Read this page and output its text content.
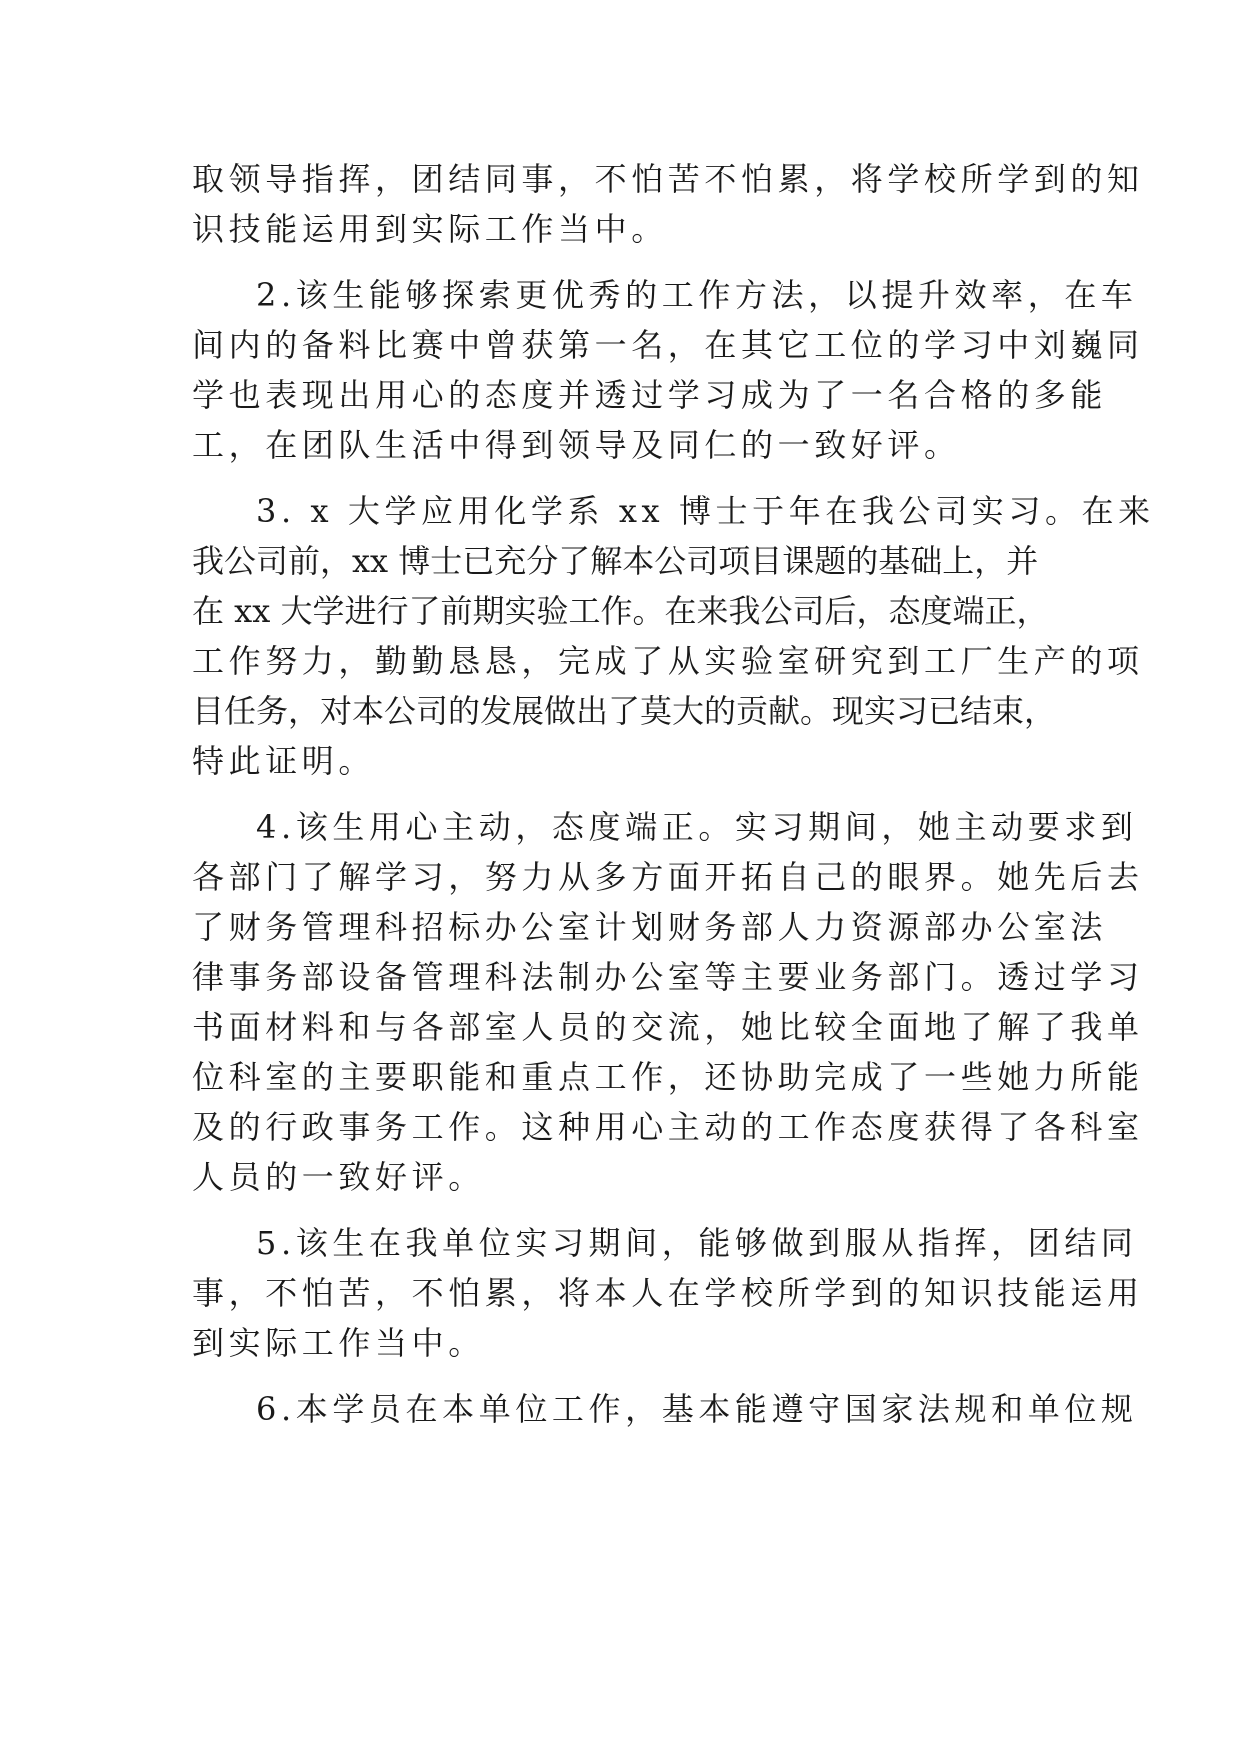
取领导指挥，团结同事，不怕苦不怕累，将学校所学到的知
识技能运用到实际工作当中。
2.该生能够探索更优秀的工作方法，以提升效率，在车
间内的备料比赛中曾获第一名，在其它工位的学习中刘巍同
学也表现出用心的态度并透过学习成为了一名合格的多能
工，在团队生活中得到领导及同仁的一致好评。
3. x 大学应用化学系 xx 博士于年在我公司实习。在来
我公司前，xx 博士已充分了解本公司项目课题的基础上，并
在 xx 大学进行了前期实验工作。在来我公司后，态度端正，
工作努力，勤勤恳恳，完成了从实验室研究到工厂生产的项
目任务，对本公司的发展做出了莫大的贡献。现实习已结束，
特此证明。
4.该生用心主动，态度端正。实习期间，她主动要求到
各部门了解学习，努力从多方面开拓自己的眼界。她先后去
了财务管理科招标办公室计划财务部人力资源部办公室法
律事务部设备管理科法制办公室等主要业务部门。透过学习
书面材料和与各部室人员的交流，她比较全面地了解了我单
位科室的主要职能和重点工作，还协助完成了一些她力所能
及的行政事务工作。这种用心主动的工作态度获得了各科室
人员的一致好评。
5.该生在我单位实习期间，能够做到服从指挥，团结同
事，不怕苦，不怕累，将本人在学校所学到的知识技能运用
到实际工作当中。
6.本学员在本单位工作，基本能遵守国家法规和单位规
